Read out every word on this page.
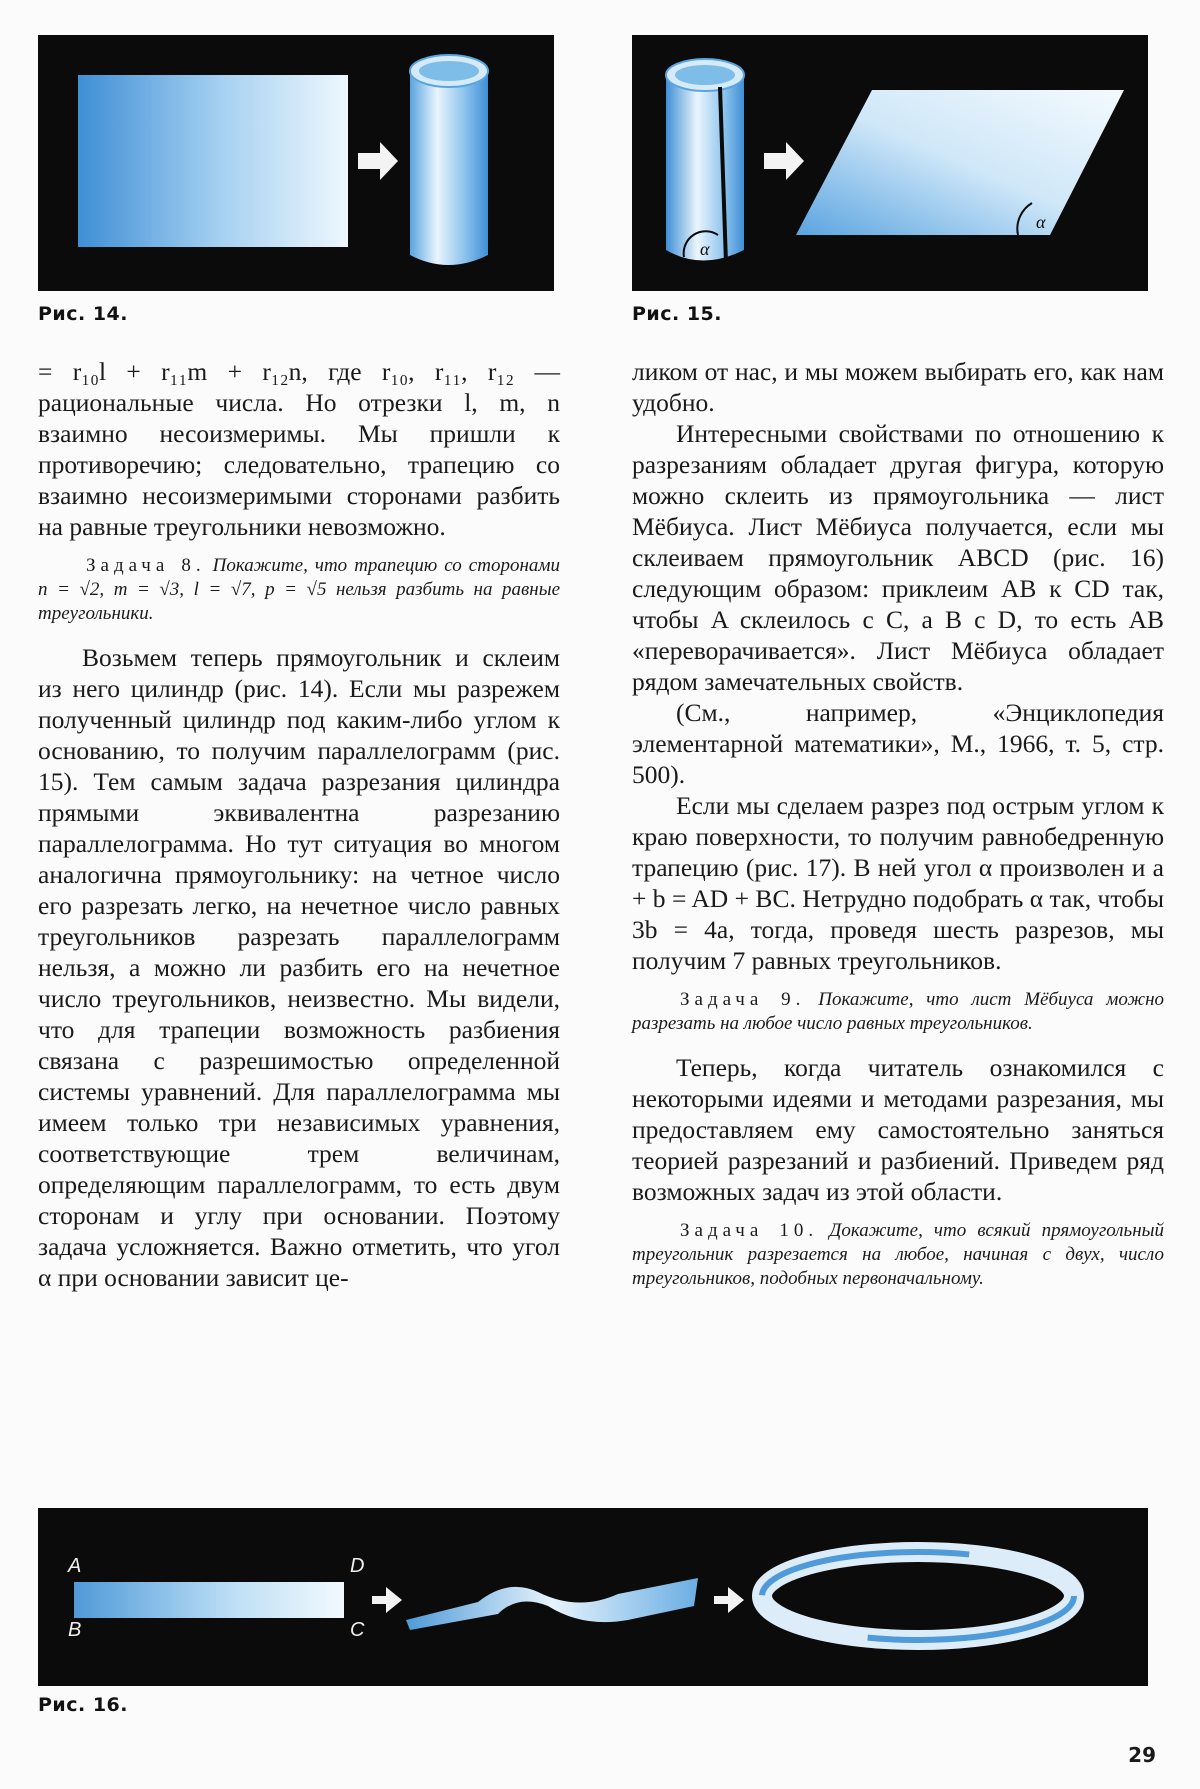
Рис. 14.
α
α
Рис. 15.

= r₁₀l + r₁₁m + r₁₂n, где r₁₀, r₁₁, r₁₂ — рациональные числа. Но отрезки l, m, n взаимно несоизмеримы. Мы пришли к противоречию; следовательно, трапецию со взаимно несоизмеримыми сторонами разбить на равные треугольники невозможно.

Задача 8. Покажите, что трапецию со сторонами n = √2, m = √3, l = √7, p = √5 нельзя разбить на равные треугольники.

Возьмем теперь прямоугольник и склеим из него цилиндр (рис. 14). Если мы разрежем полученный цилиндр под каким-либо углом к основанию, то получим параллелограмм (рис. 15). Тем самым задача разрезания цилиндра прямыми эквивалентна разрезанию параллелограмма. Но тут ситуация во многом аналогична прямоугольнику: на четное число его разрезать легко, на нечетное число равных треугольников разрезать параллелограмм нельзя, а можно ли разбить его на нечетное число треугольников, неизвестно. Мы видели, что для трапеции возможность разбиения связана с разрешимостью определенной системы уравнений. Для параллелограмма мы имеем только три независимых уравнения, соответствующие трем величинам, определяющим параллелограмм, то есть двум сторонам и углу при основании. Поэтому задача усложняется. Важно отметить, что угол α при основании зависит це-

ликом от нас, и мы можем выбирать его, как нам удобно.

Интересными свойствами по отношению к разрезаниям обладает другая фигура, которую можно склеить из прямоугольника — лист Мёбиуса. Лист Мёбиуса получается, если мы склеиваем прямоугольник ABCD (рис. 16) следующим образом: приклеим AB к CD так, чтобы A склеилось с C, а B с D, то есть AB «переворачивается». Лист Мёбиуса обладает рядом замечательных свойств.

(См., например, «Энциклопедия элементарной математики», М., 1966, т. 5, стр. 500).

Если мы сделаем разрез под острым углом к краю поверхности, то получим равнобедренную трапецию (рис. 17). В ней угол α произволен и a + b = AD + BC. Нетрудно подобрать α так, чтобы 3b = 4a, тогда, проведя шесть разрезов, мы получим 7 равных треугольников.

Задача 9. Покажите, что лист Мёбиуса можно разрезать на любое число равных треугольников.

Теперь, когда читатель ознакомился с некоторыми идеями и методами разрезания, мы предоставляем ему самостоятельно заняться теорией разрезаний и разбиений. Приведем ряд возможных задач из этой области.

Задача 10. Докажите, что всякий прямоугольный треугольник разрезается на любое, начиная с двух, число треугольников, подобных первоначальному.

A
B
D
C
Рис. 16.
29
